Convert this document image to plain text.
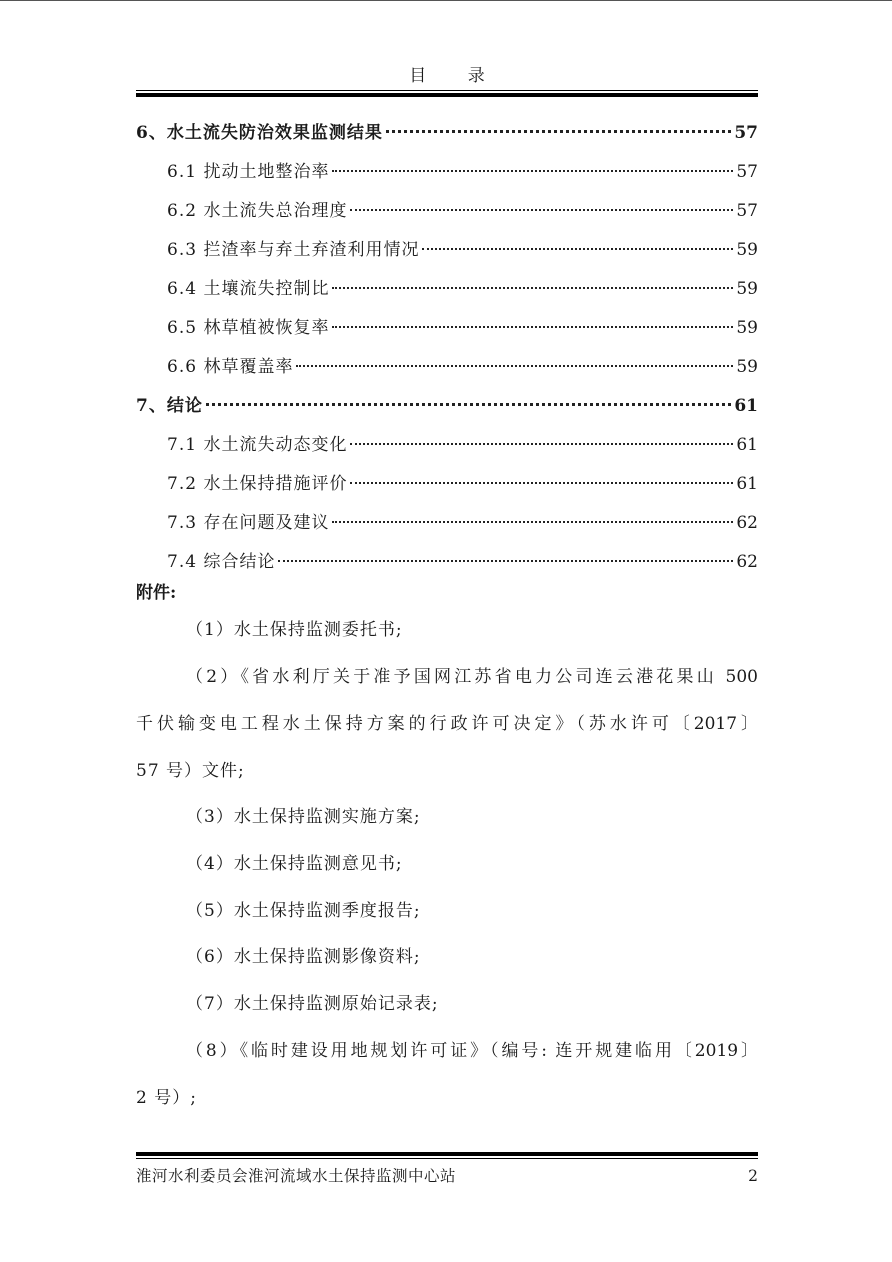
目 录
6、水土流失防治效果监测结果	57
6.1 扰动土地整治率	57
6.2 水土流失总治理度	57
6.3 拦渣率与弃土弃渣利用情况	59
6.4 土壤流失控制比	59
6.5 林草植被恢复率	59
6.6 林草覆盖率	59
7、结论	61
7.1 水土流失动态变化	61
7.2 水土保持措施评价	61
7.3 存在问题及建议	62
7.4 综合结论	62
附件:
（1）水土保持监测委托书;
（2）《省水利厅关于准予国网江苏省电力公司连云港花果山 500
千伏输变电工程水土保持方案的行政许可决定》（苏水许可〔2017〕
57 号）文件;
（3）水土保持监测实施方案;
（4）水土保持监测意见书;
（5）水土保持监测季度报告;
（6）水土保持监测影像资料;
（7）水土保持监测原始记录表;
（8）《临时建设用地规划许可证》（编号: 连开规建临用〔2019〕
2 号）;
淮河水利委员会淮河流域水土保持监测中心站	2
